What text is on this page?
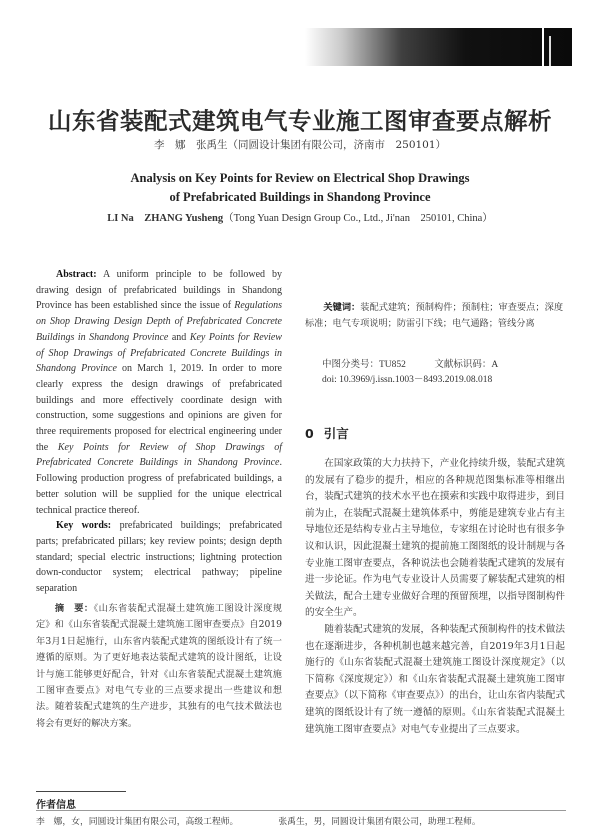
山东省装配式建筑电气专业施工图审查要点解析
李　娜　张禹生（同圆设计集团有限公司，济南市　250101）
Analysis on Key Points for Review on Electrical Shop Drawings
of Prefabricated Buildings in Shandong Province
LI Na　ZHANG Yusheng（Tong Yuan Design Group Co., Ltd., Ji'nan　250101, China）
  Abstract: A uniform principle to be followed by drawing design of prefabricated buildings in Shandong Province has been established since the issue of Regulations on Shop Drawing Design Depth of Prefabricated Concrete Buildings in Shandong Province and Key Points for Review of Shop Drawings of Prefabricated Concrete Buildings in Shandong Province on March 1, 2019. In order to more clearly express the design drawings of prefabricated buildings and more effectively coordinate design with construction, some suggestions and opinions are given for three requirements proposed for electrical engineering under the Key Points for Review of Shop Drawings of Prefabricated Concrete Buildings in Shandong Province. Following production progress of prefabricated buildings, a better solution will be supplied for the unique electrical technical practice thereof.
  Key words: prefabricated buildings; prefabricated parts; prefabricated pillars; key review points; design depth standard; special electric instructions; lightning protection down-conductor system; electrical pathway; pipeline separation
  摘　要：《山东省装配式混凝土建筑施工图设计深度规定》和《山东省装配式混凝土建筑施工图审查要点》自2019年3月1日起施行，山东省内装配式建筑的图纸设计有了统一遵循的原则。为了更好地表达装配式建筑的设计图纸，让设计与施工能够更好配合，针对《山东省装配式混凝土建筑施工图审查要点》对电气专业的三点要求提出一些建议和想法。随着装配式建筑的生产进步，其独有的电气技术做法也将会有更好的解决方案。
  关键词：装配式建筑；预制构件；预制柱；审查要点；深度标准；电气专项说明；防雷引下线；电气通路；管线分离
中图分类号：TU852   	文献标识码：A
doi: 10.3969/j.issn.1003－8493.2019.08.018
0 引言

在国家政策的大力扶持下，产业化持续升级，装配式建筑的发展有了稳步的提升，相应的各种规范图集标准等相继出台，装配式建筑的技术水平也在摸索和实践中取得进步，到目前为止，在装配式混凝土建筑体系中，剪能是建筑专业占有主导地位还是结构专业占主导地位，专家组在讨论时也有很多争议和认识，因此混凝土建筑的提前施工图图纸的设计制规与各专业施工图审查要点，各种说法也会随着装配式建筑的发展有进一步论证。作为电气专业设计人员需要了解装配式建筑的相关做法，配合土建专业做好合理的预留预埋，以指导图制构件的安全生产。

随着装配式建筑的发展，各种装配式预制构件的技术做法也在逐渐进步，各种机制也越来越完善，自2019年3月1日起施行的《山东省装配式混凝土建筑施工图设计深度规定》（以下简称《深度规定》）和《山东省装配式混凝土建筑施工图审查要点》（以下简称《审查要点》）的出台，让山东省内装配式建筑的图纸设计有了统一遵循的原则。《山东省装配式混凝土建筑施工图审查要点》对电气专业提出了三点要求。

作者信息
李　娜，女，同圆设计集团有限公司，高级工程师。	张禹生，男，同圆设计集团有限公司，助理工程师。
